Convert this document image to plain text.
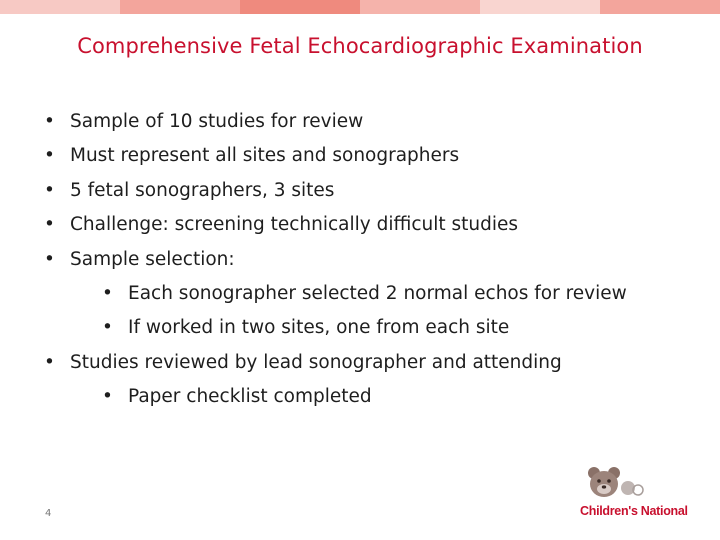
Comprehensive Fetal Echocardiographic Examination
• Sample of 10 studies for review
• Must represent all sites and sonographers
• 5 fetal sonographers, 3 sites
• Challenge: screening technically difficult studies
• Sample selection:
• Each sonographer selected 2 normal echos for review
• If worked in two sites, one from each site
• Studies reviewed by lead sonographer and attending
• Paper checklist completed
4	Children's National
